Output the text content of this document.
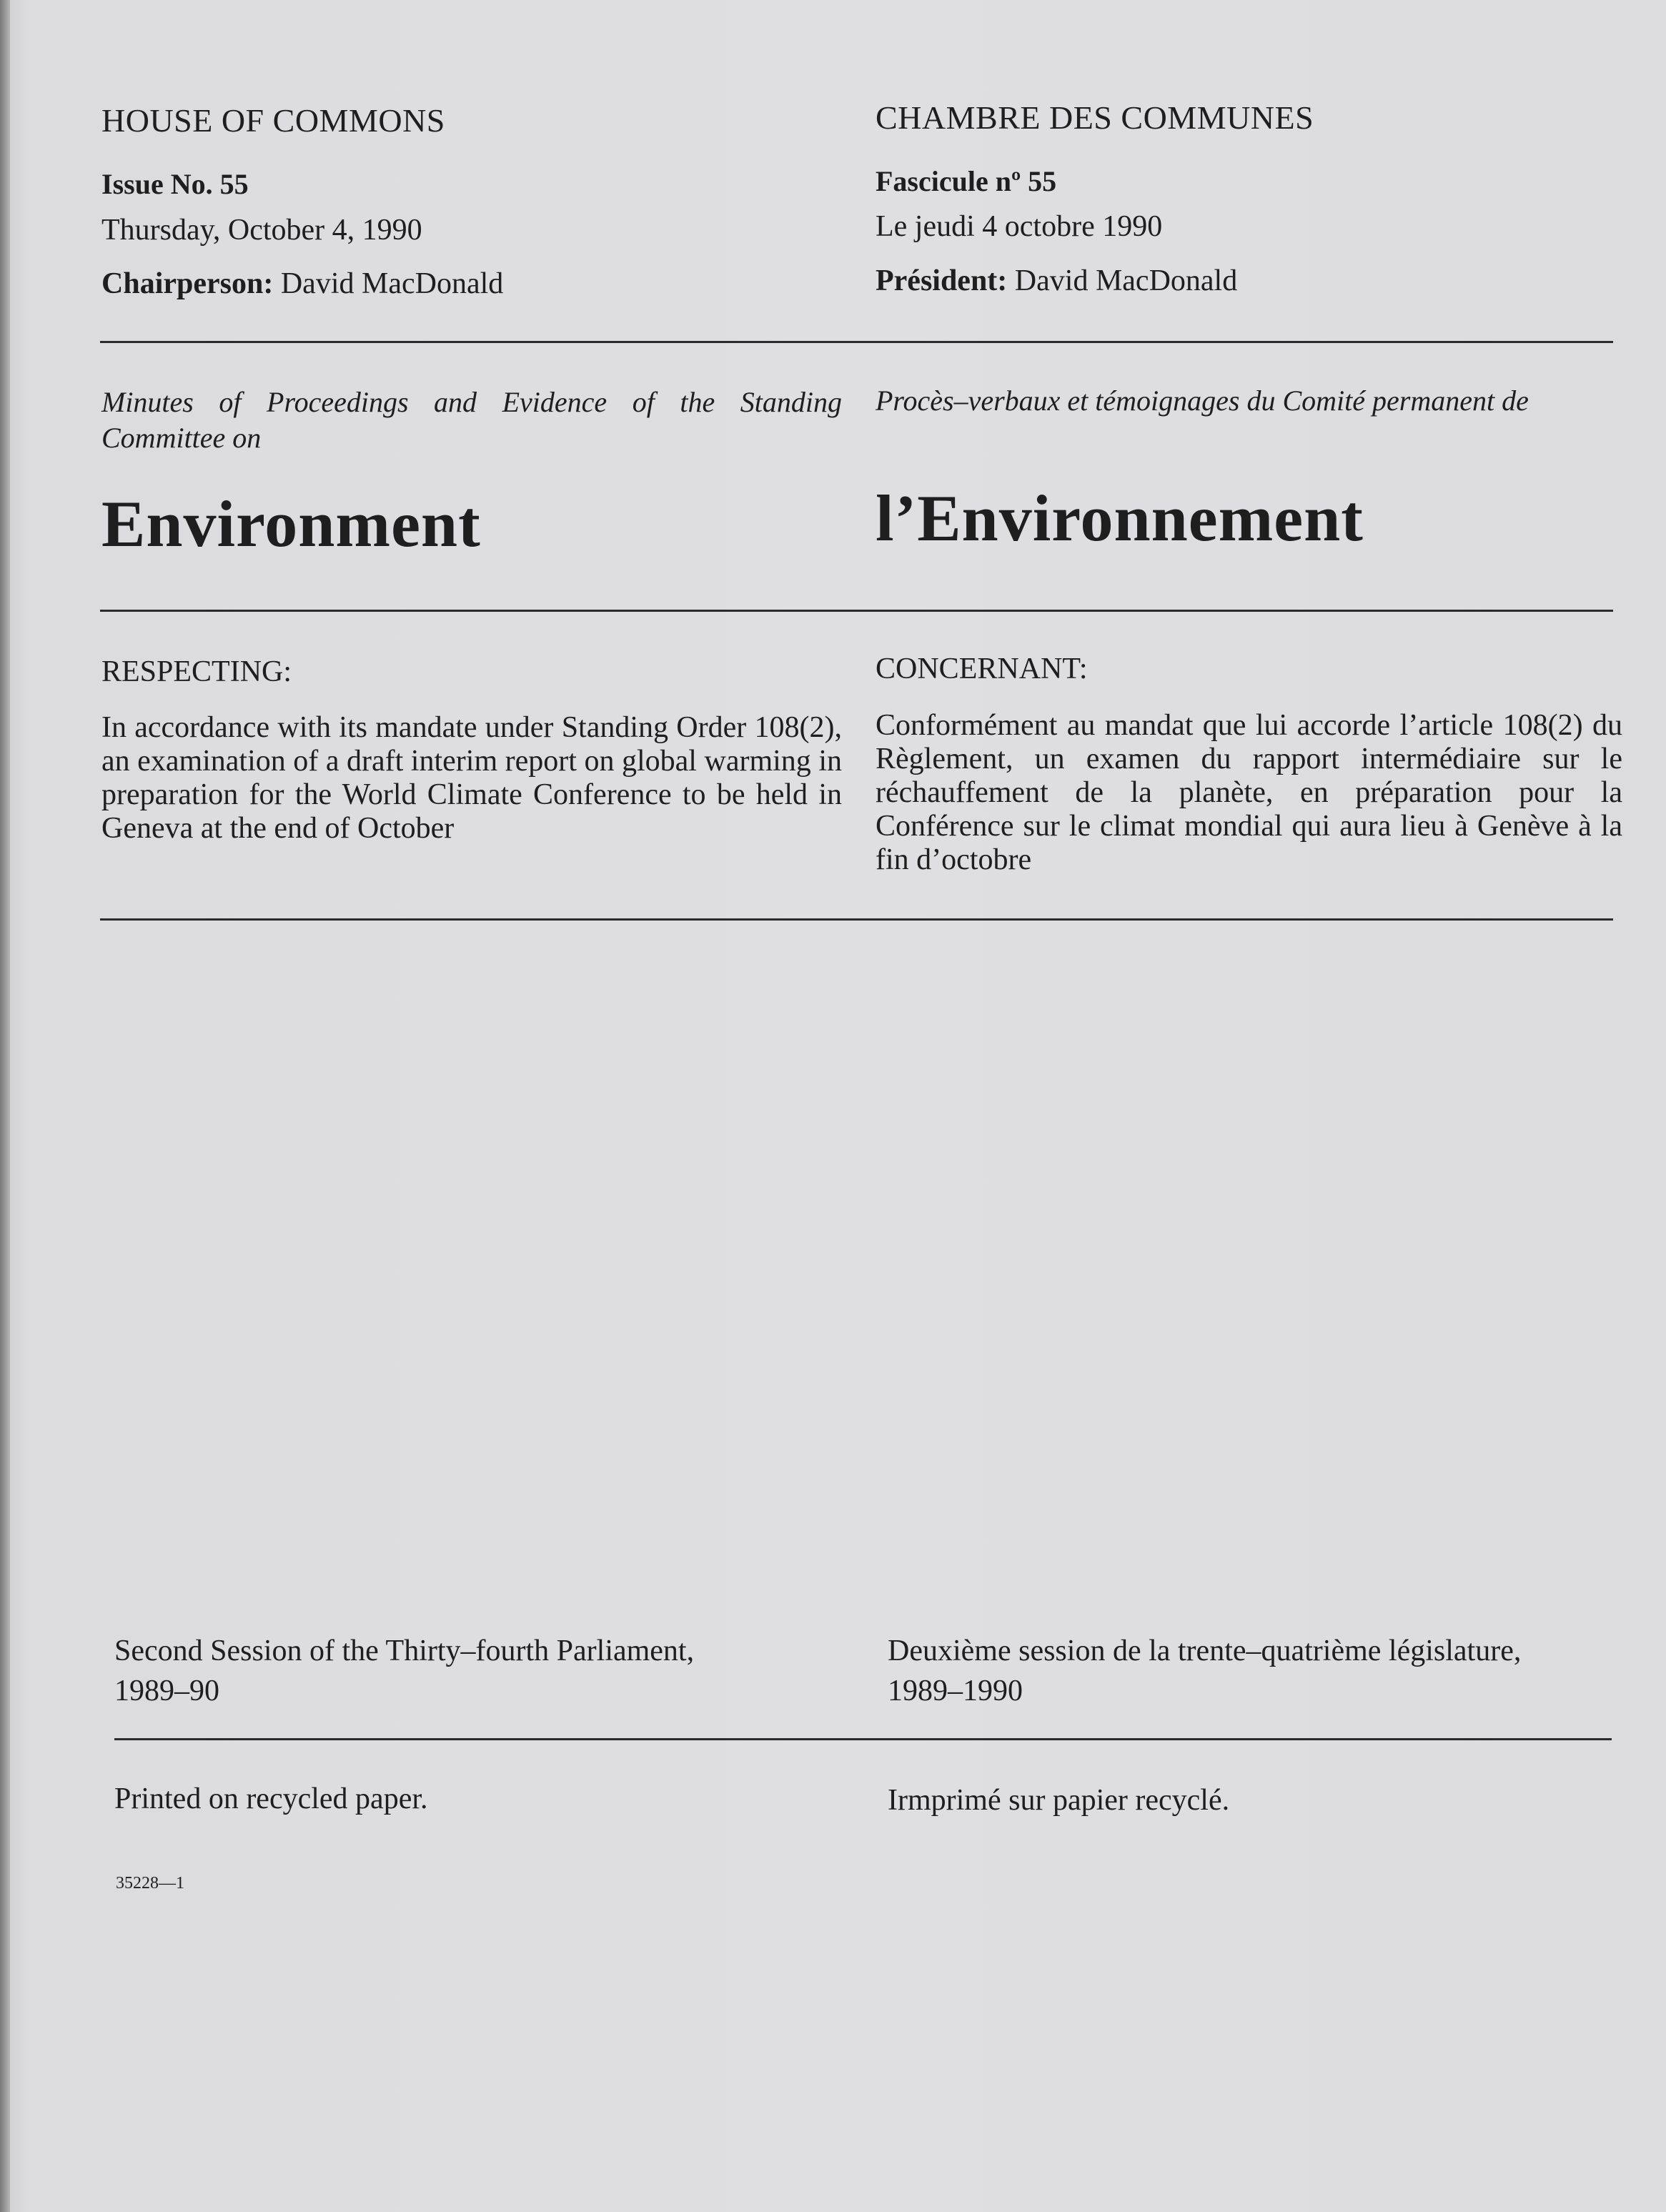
HOUSE OF COMMONS
Issue No. 55
Thursday, October 4, 1990
Chairperson: David MacDonald
CHAMBRE DES COMMUNES
Fascicule nº 55
Le jeudi 4 octobre 1990
Président: David MacDonald
Minutes of Proceedings and Evidence of the Standing
Committee on
Environment
Procès–verbaux et témoignages du Comité permanent de
l’Environnement
RESPECTING:
In accordance with its mandate under Standing Order 108(2), an examination of a draft interim report on global warming in preparation for the World Climate Conference to be held in Geneva at the end of October
CONCERNANT:
Conformément au mandat que lui accorde l’article 108(2) du Règlement, un examen du rapport intermédiaire sur le réchauffement de la planète, en préparation pour la Conférence sur le climat mondial qui aura lieu à Genève à la fin d’octobre
Second Session of the Thirty–fourth Parliament,
1989–90
Deuxième session de la trente–quatrième législature,
1989–1990
Printed on recycled paper.	Irmprimé sur papier recyclé.
35228—1
